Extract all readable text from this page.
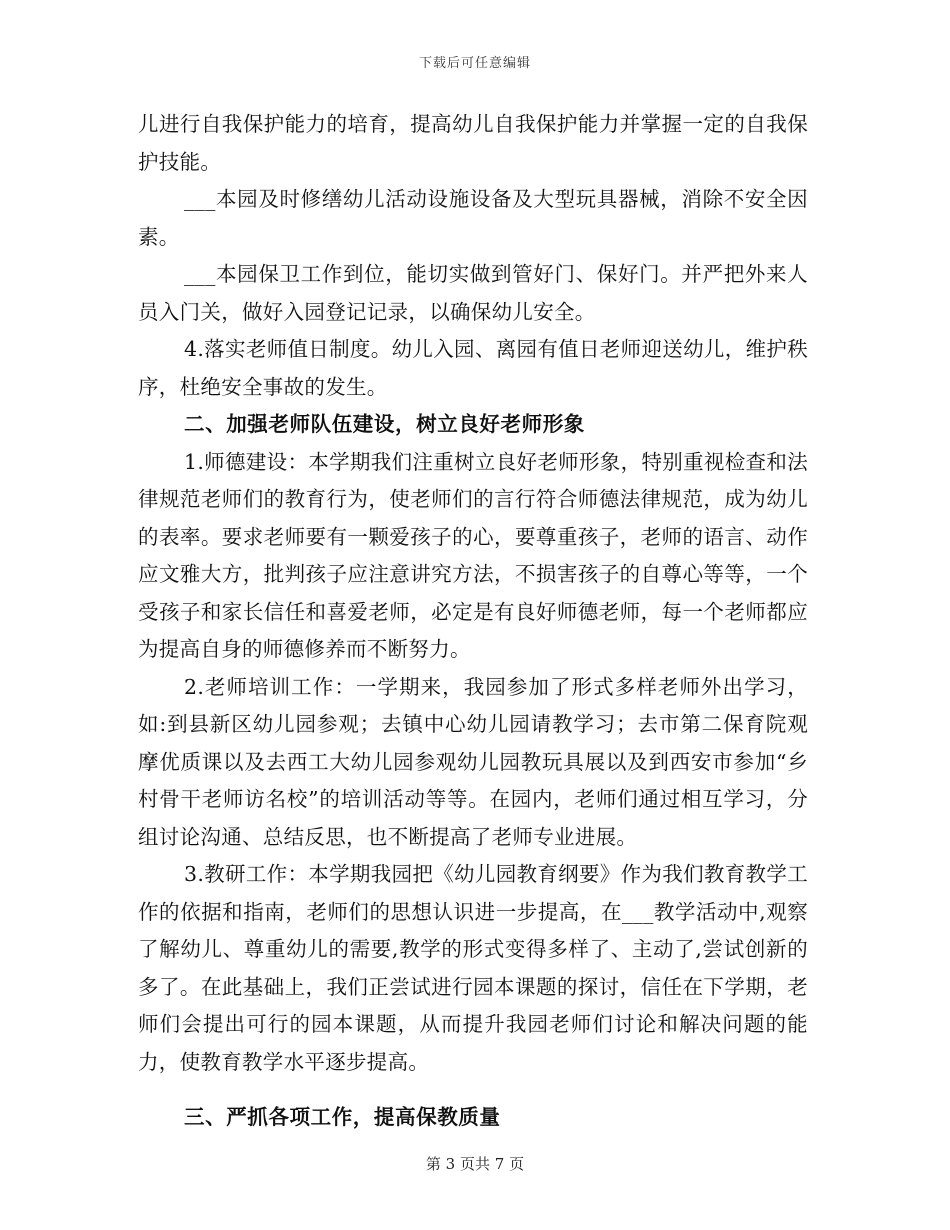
下载后可任意编辑

儿进行自我保护能力的培育，提高幼儿自我保护能力并掌握一定的自我保护技能。

___本园及时修缮幼儿活动设施设备及大型玩具器械，消除不安全因素。

___本园保卫工作到位，能切实做到管好门、保好门。并严把外来人员入门关，做好入园登记记录，以确保幼儿安全。

4.落实老师值日制度。幼儿入园、离园有值日老师迎送幼儿，维护秩序，杜绝安全事故的发生。

二、加强老师队伍建设，树立良好老师形象

1.师德建设：本学期我们注重树立良好老师形象，特别重视检查和法律规范老师们的教育行为，使老师们的言行符合师德法律规范，成为幼儿的表率。要求老师要有一颗爱孩子的心，要尊重孩子，老师的语言、动作应文雅大方，批判孩子应注意讲究方法，不损害孩子的自尊心等等，一个受孩子和家长信任和喜爱老师，必定是有良好师德老师，每一个老师都应为提高自身的师德修养而不断努力。

2.老师培训工作：一学期来，我园参加了形式多样老师外出学习，如:到县新区幼儿园参观；去镇中心幼儿园请教学习；去市第二保育院观摩优质课以及去西工大幼儿园参观幼儿园教玩具展以及到西安市参加“乡村骨干老师访名校”的培训活动等等。在园内，老师们通过相互学习，分组讨论沟通、总结反思，也不断提高了老师专业进展。

3.教研工作：本学期我园把《幼儿园教育纲要》作为我们教育教学工作的依据和指南，老师们的思想认识进一步提高，在___教学活动中,观察了解幼儿、尊重幼儿的需要,教学的形式变得多样了、主动了,尝试创新的多了。在此基础上，我们正尝试进行园本课题的探讨，信任在下学期，老师们会提出可行的园本课题，从而提升我园老师们讨论和解决问题的能力，使教育教学水平逐步提高。

三、严抓各项工作，提高保教质量
第 3 页共 7 页
